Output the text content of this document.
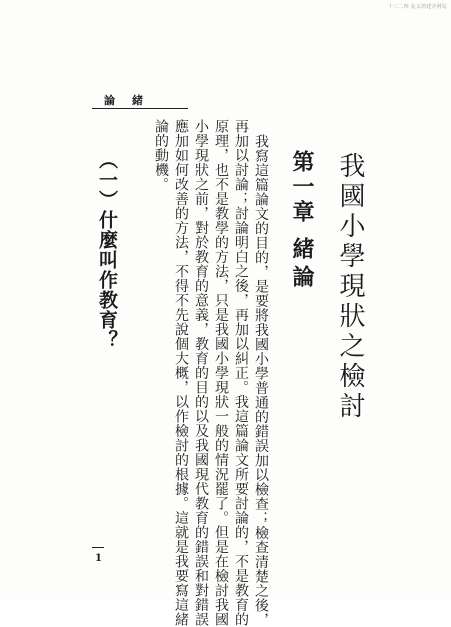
十三二四 复义鸿建齐网站
論　緒
我國小學現狀之檢討
第一章
緒論
我寫這篇論文的目的，是要將我國小學普通的錯誤加以檢查；檢查清楚之後，
再加以討論；討論明白之後，再加以糾正。我這篇論文所要討論的，不是教育的
原理，也不是教學的方法，只是我國小學現狀一般的情況罷了。但是在檢討我國
小學現狀之前，對於教育的意義，教育的目的以及我國現代教育的錯誤和對錯誤
應加如何改善的方法，不得不先說個大概，以作檢討的根據。這就是我要寫這緒
論的動機。
（一）什麼叫作教育？
1
